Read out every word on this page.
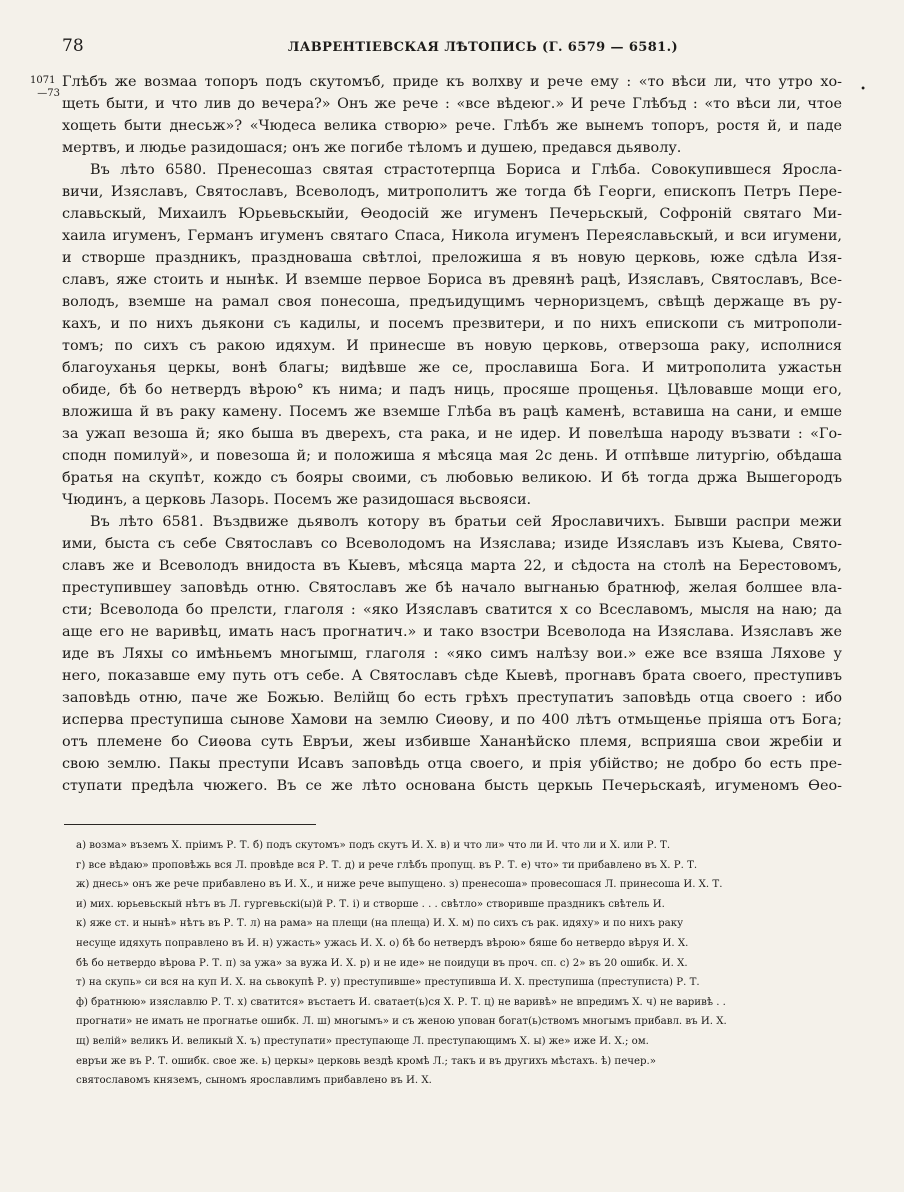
78	ЛАВРЕНТIЕВСКАЯ ЛѢТОПИСЬ (Г. 6579 — 6581.)
•
1071
—73
Глѣбъ же возмаа топоръ подъ скутомъб, приде къ волхву и рече ему : «то вѣси ли, что утро хо-
щеть быти, и что лив до вечера?» Онъ же рече : «все вѣдеюг.» И рече Глѣбъд : «то вѣси ли, чтое
хощеть быти днесьж»? «Чюдеса велика створю» рече. Глѣбъ же вынемъ топоръ, ростя й, и паде
мертвъ, и людье разидошася; онъ же погибе тѣломъ и душею, предався дьяволу.
Въ лѣто 6580. Пренесошаз святая страстотерпца Бориса и Глѣба. Совокупившеся Яросла-
вичи, Изяславъ, Святославъ, Всеволодъ, митрополитъ же тогда бѣ Георги, епископъ Петръ Пере-
славьскый, Михаилъ Юрьевьскыйи, Ѳеодосій же игуменъ Печерьскый, Софроній святаго Ми-
хаила игуменъ, Германъ игуменъ святаго Спаса, Никола игуменъ Переяславьскый, и вси игумени,
и створше праздникъ, праздноваша свѣтлоі, преложиша я въ новую церковь, юже сдѣла Изя-
славъ, яже стоить и нынѣк. И вземше первое Бориса въ древянѣ рацѣ, Изяславъ, Святославъ, Все-
володъ, вземше на рамал своя понесоша, предъидущимъ черноризцемъ, свѣщѣ держаще въ ру-
кахъ, и по нихъ дьякони съ кадилы, и посемъ презвитери, и по нихъ епископи съ митрополи-
томъ; по сихъ съ ракою идяхум. И принесше въ новую церковь, отверзоша раку, исполнися
благоуханья церкы, вонѣ благы; видѣвше же се, прославиша Бога. И митрополита ужастьн
обиде, бѣ бо нетвердъ вѣрою° къ нима; и падъ ниць, просяше прощенья. Цѣловавше мощи его,
вложиша й въ раку камену. Посемъ же вземше Глѣба въ рацѣ каменѣ, вставиша на сани, и емше
за ужап везоша й; яко быша въ дверехъ, ста рака, и не идер. И повелѣша народу възвати : «Го-
сподн помилуй», и повезоша й; и положиша я мѣсяца мая 2с день. И отпѣвше литургію, обѣдаша
братья на скупѣт, кождо съ бояры своими, съ любовью великою. И бѣ тогда држа Вышегородъ
Чюдинъ, а церковь Лазорь. Посемъ же разидошася вьсвояси.
Въ лѣто 6581. Въздвиже дьяволъ котору въ братьи сей Ярославичихъ. Бывши распри межи
ими, быста съ себе Святославъ со Всеволодомъ на Изяслава; изиде Изяславъ изъ Кыева, Свято-
славъ же и Всеволодъ внидоста въ Кыевъ, мѣсяца марта 22, и сѣдоста на столѣ на Берестовомъ,
преступившеу заповѣдь отню. Святославъ же бѣ начало выгнанью братнюф, желая болшее вла-
сти; Всеволода бо прелсти, глаголя : «яко Изяславъ сватится х со Всеславомъ, мысля на наю; да
аще его не варивѣц, имать насъ прогнатич.» и тако взостри Всеволода на Изяслава. Изяславъ же
иде въ Ляхы со имѣньемъ многымш, глаголя : «яко симъ налѣзу вои.» еже все взяша Ляхове у
него, показавше ему путь отъ себе. А Святославъ сѣде Кыевѣ, прогнавъ брата своего, преступивъ
заповѣдь отню, паче же Божью. Велійщ бо есть грѣхъ преступатиъ заповѣдь отца своего : ибо
исперва преступиша сынове Хамови на землю Сиѳову, и по 400 лѣтъ отмьщенье пріяша отъ Бога;
отъ племене бо Сиѳова суть Евръи, жеы избивше Хананѣйско племя, всприяша свои жребіи и
свою землю. Пакы преступи Исавъ заповѣдь отца своего, и прія убійство; не добро бо есть пре-
ступати предѣла чюжего. Въ се же лѣто основана бысть церкыь Печерьскаяѣ, игуменомъ Ѳео-
а) возма» въземъ Х. пріимъ Р. Т. б) подъ скутомъ» подъ скутъ И. Х. в) и что ли» что ли И. что ли и Х. или Р. Т.
г) все вѣдаю» проповѣжь вся Л. провѣде вся Р. Т. д) и рече глѣбъ пропущ. въ Р. Т. е) что» ти прибавлено въ Х. Р. Т.
ж) днесь» онъ же рече прибавлено въ И. Х., и ниже рече выпущено. з) пренесоша» провесошася Л. принесоша И. Х. Т.
и) мих. юрьевьскый нѣтъ въ Л. гургевьскі(ы)й Р. Т. і) и створше . . . свѣтло» створивше праздникъ свѣтель И.
к) яже ст. и нынѣ» нѣтъ въ Р. Т. л) на рама» на плещи (на плеща) И. Х. м) по сихъ съ рак. идяху» и по нихъ раку
несуще идяхуть поправлено въ И. н) ужасть» ужась И. Х. о) бѣ бо нетвердъ вѣрою» бяше бо нетвердо вѣруя И. Х.
бѣ бо нетвердо вѣрова Р. Т. п) за ужа» за вужа И. Х. р) и не иде» не поидуци въ проч. сп. с) 2» въ 20 ошибк. И. Х.
т) на скупь» си вся на куп И. Х. на сьвокупѣ Р. у) преступивше» преступивша И. Х. преступиша (преступиста) Р. Т.
ф) братнюю» изяславлю Р. Т. х) сватится» въстаетъ И. сватает(ь)ся Х. Р. Т. ц) не варивѣ» не впредимъ Х. ч) не варивѣ . .
прогнати» не имать не прогнатье ошибк. Л. ш) многымъ» и съ женою упован богат(ь)ствомъ многымъ прибавл. въ И. Х.
щ) велій» великъ И. великый Х. ъ) преступати» преступающе Л. преступающимъ Х. ы) же» иже И. Х.; ом.
евръи же въ Р. Т. ошибк. свое же. ь) церкы» церковь вездѣ кромѣ Л.; такъ и въ другихъ мѣстахъ. ѣ) печер.»
святославомъ княземъ, сыномъ ярославлимъ прибавлено въ И. Х.
